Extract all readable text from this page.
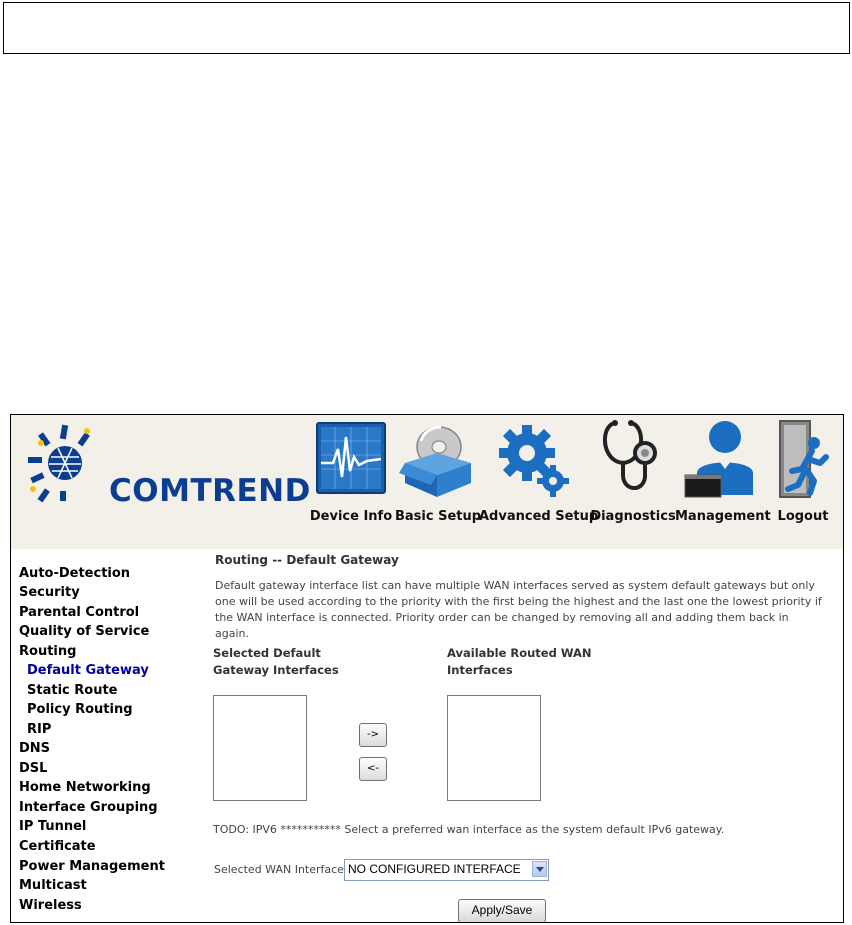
COMTREND
Device Info Basic Setup
Advanced Setup
Diagnostics Management Logout
Auto-Detection
Security
Parental Control
Quality of Service
Routing
Default Gateway
Static Route
Policy Routing
RIP
DNS
DSL
Home Networking
Interface Grouping
IP Tunnel
Certificate
Power Management
Multicast
Wireless
Routing -- Default Gateway
Default gateway interface list can have multiple WAN interfaces served as system default gateways but only one will be used according to the priority with the first being the highest and the last one the lowest priority if the WAN interface is connected. Priority order can be changed by removing all and adding them back in again.
Selected Default
Gateway Interfaces
Available Routed WAN
Interfaces
->
<-
TODO: IPV6 *********** Select a preferred wan interface as the system default IPv6 gateway.
Selected WAN Interface NO CONFIGURED INTERFACE
Apply/Save
